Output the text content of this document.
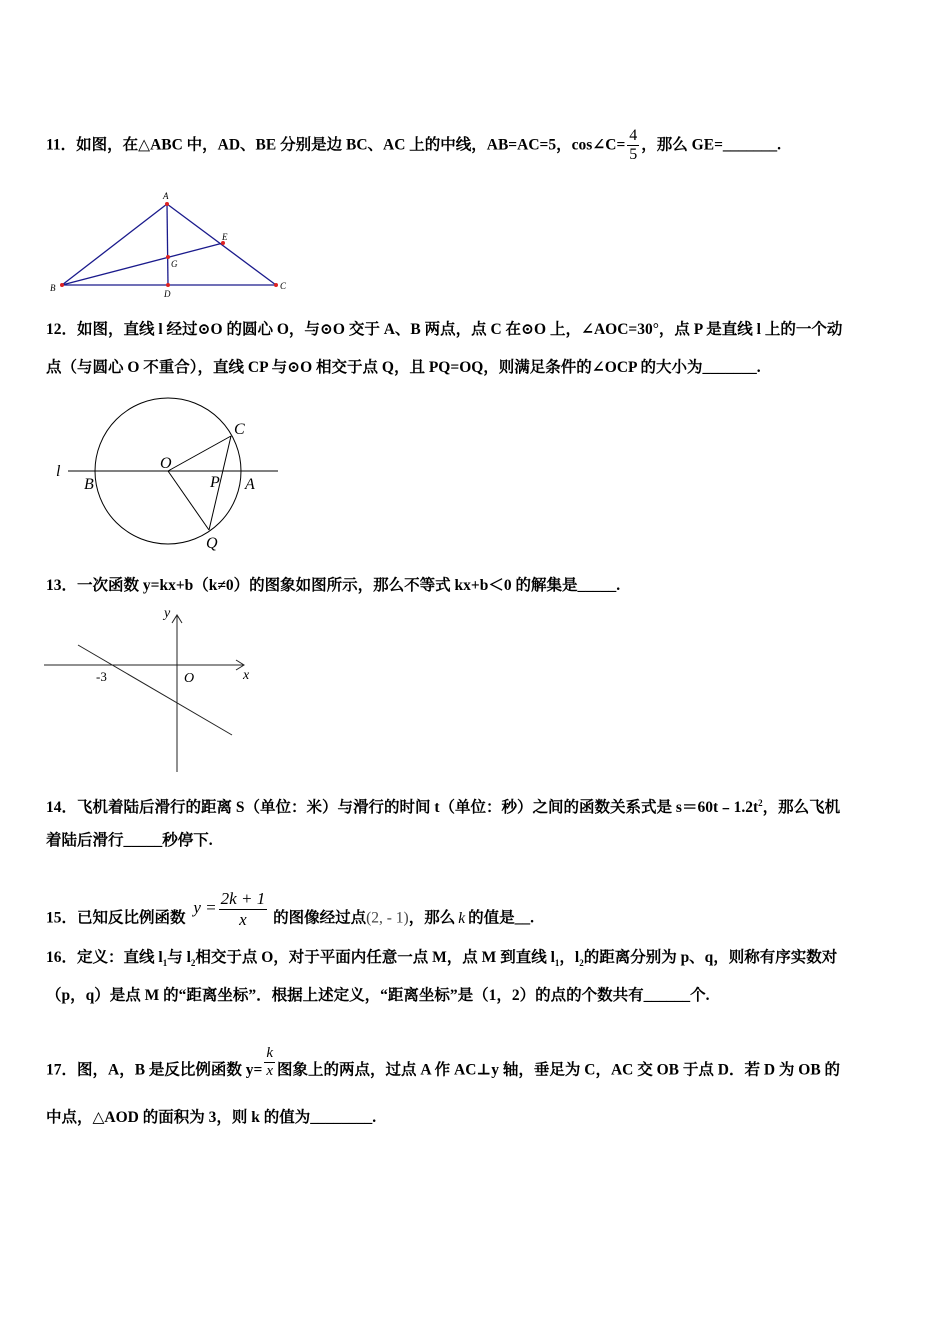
11．如图，在△ABC 中，AD、BE 分别是边 BC、AC 上的中线，AB=AC=5，cos∠C= $\frac{4}{5}$ ，那么 GE=_______.
A
B	C
D
E
G
12．如图，直线 l 经过⊙O 的圆心 O，与⊙O 交于 A、B 两点，点 C 在⊙O 上，∠AOC=30°，点 P 是直线 l 上的一个动
点（与圆心 O 不重合），直线 CP 与⊙O 相交于点 Q，且 PQ=OQ，则满足条件的∠OCP 的大小为_______.
l	O
B	P A
C
Q
13．一次函数 y=kx+b（k≠0）的图象如图所示，那么不等式 kx+b＜0 的解集是_____.
y
x
O
-3
14．飞机着陆后滑行的距离 S（单位：米）与滑行的时间 t（单位：秒）之间的函数关系式是 $s=60t﹣1.2t^2$，那么飞机
着陆后滑行_____秒停下.
15．已知反比例函数 $y = \frac{2k + 1}{x}$ 的图像经过点(2, - 1)，那么 k 的值是__.
16．定义：直线 $l_1$与 $l_2$相交于点 O，对于平面内任意一点 M，点 M 到直线 $l_1$，$l_2$的距离分别为 p、q，则称有序实数对
（p，q）是点 M 的“距离坐标”．根据上述定义，“距离坐标”是（1，2）的点的个数共有______个.
17．图，A，B 是反比例函数 $y= \frac{k}{x}$ 图象上的两点，过点 A 作 AC⊥y 轴，垂足为 C，AC 交 OB 于点 D．若 D 为 OB 的
中点，△AOD 的面积为 3，则 k 的值为________.
